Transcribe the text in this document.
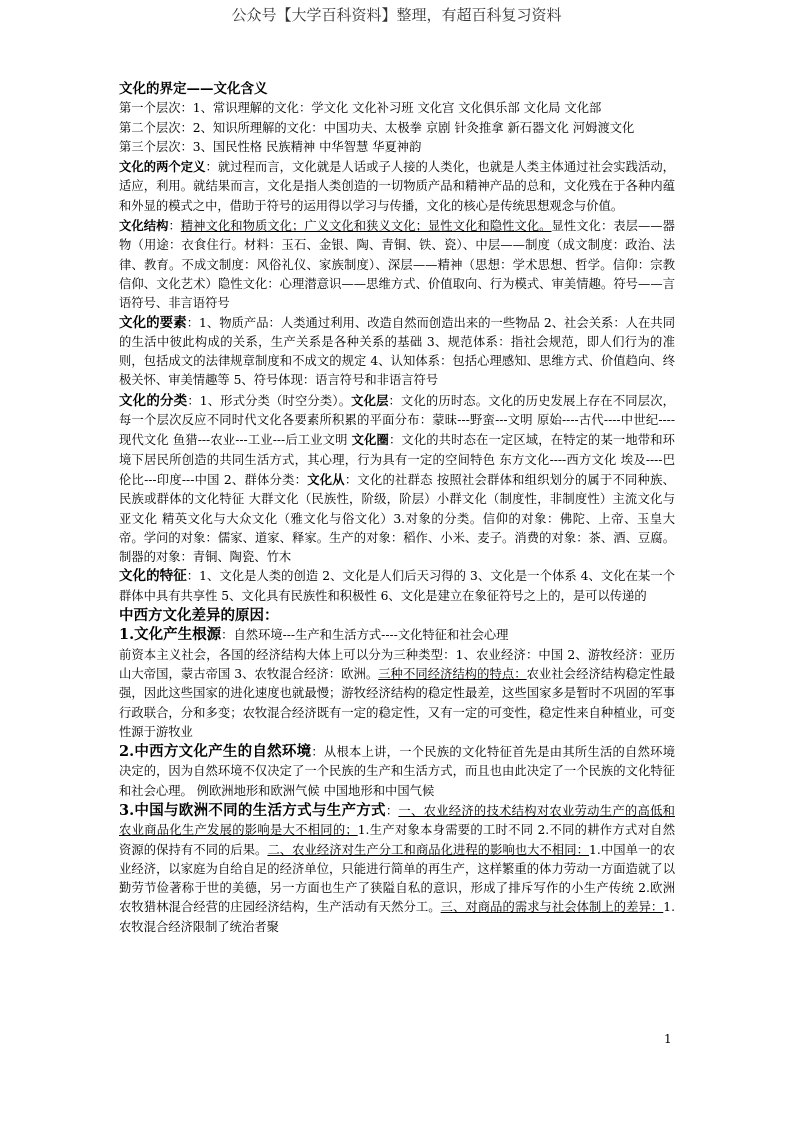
公众号【大学百科资料】整理，有超百科复习资料

文化的界定——文化含义

第一个层次：1、常识理解的文化：学文化 文化补习班 文化宫 文化俱乐部 文化局 文化部

第二个层次：2、知识所理解的文化：中国功夫、太极拳 京剧 针灸推拿 新石器文化 河姆渡文化

第三个层次：3、国民性格 民族精神 中华智慧 华夏神韵

文化的两个定义：就过程而言，文化就是人话或子人接的人类化，也就是人类主体通过社会实践活动，适应，利用。就结果而言，文化是指人类创造的一切物质产品和精神产品的总和，文化残在于各种内蕴和外显的模式之中，借助于符号的运用得以学习与传播，文化的核心是传统思想观念与价值。

文化结构：精神文化和物质文化；广义文化和狭义文化；显性文化和隐性文化。显性文化：表层——器物（用途：衣食住行。材料：玉石、金银、陶、青铜、铁、瓷）、中层——制度（成文制度：政治、法律、教育。不成文制度：风俗礼仪、家族制度）、深层——精神（思想：学术思想、哲学。信仰：宗教信仰、文化艺术）隐性文化：心理潜意识——思维方式、价值取向、行为模式、审美情趣。符号——言语符号、非言语符号

文化的要素：1、物质产品：人类通过利用、改造自然而创造出来的一些物品 2、社会关系：人在共同的生活中彼此构成的关系，生产关系是各种关系的基础 3、规范体系：指社会规范，即人们行为的准则，包括成文的法律规章制度和不成文的规定 4、认知体系：包括心理感知、思维方式、价值趋向、终极关怀、审美情趣等 5、符号体现：语言符号和非语言符号

文化的分类：1、形式分类（时空分类）。文化层：文化的历时态。文化的历史发展上存在不同层次，每一个层次反应不同时代文化各要素所积累的平面分布：蒙昧---野蛮---文明 原始----古代----中世纪----现代文化 鱼猎---农业---工业---后工业文明 文化圈：文化的共时态在一定区域，在特定的某一地带和环境下居民所创造的共同生活方式，其心理，行为具有一定的空间特色 东方文化----西方文化 埃及----巴伦比---印度---中国 2、群体分类：文化从：文化的社群态 按照社会群体和组织划分的属于不同种族、民族或群体的文化特征 大群文化（民族性，阶级，阶层）小群文化（制度性，非制度性）主流文化与亚文化 精英文化与大众文化（雅文化与俗文化）3.对象的分类。信仰的对象：佛陀、上帝、玉皇大帝。学问的对象：儒家、道家、释家。生产的对象：稻作、小米、麦子。消费的对象：茶、酒、豆腐。制器的对象：青铜、陶瓷、竹木

文化的特征：1、文化是人类的创造 2、文化是人们后天习得的 3、文化是一个体系 4、文化在某一个群体中具有共享性 5、文化具有民族性和积极性 6、文化是建立在象征符号之上的，是可以传递的

中西方文化差异的原因：

1.文化产生根源：自然环境---生产和生活方式----文化特征和社会心理

前资本主义社会，各国的经济结构大体上可以分为三种类型：1、农业经济：中国 2、游牧经济：亚历山大帝国，蒙古帝国 3、农牧混合经济：欧洲。三种不同经济结构的特点：农业社会经济结构稳定性最强，因此这些国家的进化速度也就最慢；游牧经济结构的稳定性最差，这些国家多是暂时不巩固的军事行政联合，分和多变；农牧混合经济既有一定的稳定性，又有一定的可变性，稳定性来自种植业，可变性源于游牧业

2.中西方文化产生的自然环境：从根本上讲，一个民族的文化特征首先是由其所生活的自然环境决定的，因为自然环境不仅决定了一个民族的生产和生活方式，而且也由此决定了一个民族的文化特征和社会心理。 例欧洲地形和欧洲气候 中国地形和中国气候

3.中国与欧洲不同的生活方式与生产方式：一、农业经济的技术结构对农业劳动生产的高低和农业商品化生产发展的影响是大不相同的；1.生产对象本身需要的工时不同 2.不同的耕作方式对自然资源的保持有不同的后果。二、农业经济对生产分工和商品化进程的影响也大不相同：1.中国单一的农业经济，以家庭为自给自足的经济单位，只能进行简单的再生产，这样繁重的体力劳动一方面造就了以勤劳节俭著称于世的美德，另一方面也生产了狭隘自私的意识，形成了排斥写作的小生产传统 2.欧洲农牧猎林混合经营的庄园经济结构，生产活动有天然分工。三、对商品的需求与社会体制上的差异：1.农牧混合经济限制了统治者聚

1
